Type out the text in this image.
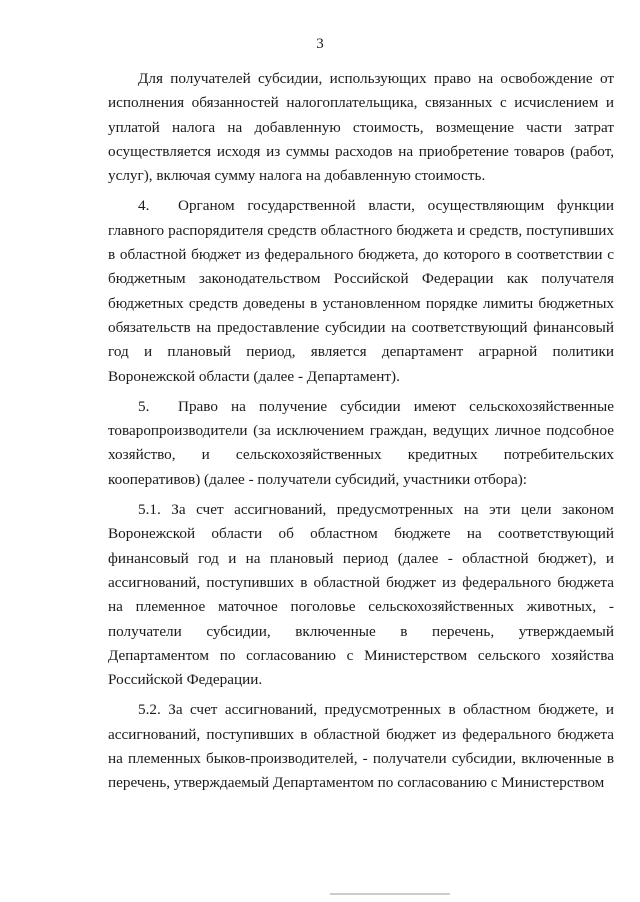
3

Для получателей субсидии, использующих право на освобождение от исполнения обязанностей налогоплательщика, связанных с исчислением и уплатой налога на добавленную стоимость, возмещение части затрат осуществляется исходя из суммы расходов на приобретение товаров (работ, услуг), включая сумму налога на добавленную стоимость.

4. Органом государственной власти, осуществляющим функции главного распорядителя средств областного бюджета и средств, поступивших в областной бюджет из федерального бюджета, до которого в соответствии с бюджетным законодательством Российской Федерации как получателя бюджетных средств доведены в установленном порядке лимиты бюджетных обязательств на предоставление субсидии на соответствующий финансовый год и плановый период, является департамент аграрной политики Воронежской области (далее - Департамент).

5. Право на получение субсидии имеют сельскохозяйственные товаропроизводители (за исключением граждан, ведущих личное подсобное хозяйство, и сельскохозяйственных кредитных потребительских кооперативов) (далее - получатели субсидий, участники отбора):

5.1. За счет ассигнований, предусмотренных на эти цели законом Воронежской области об областном бюджете на соответствующий финансовый год и на плановый период (далее - областной бюджет), и ассигнований, поступивших в областной бюджет из федерального бюджета на племенное маточное поголовье сельскохозяйственных животных, - получатели субсидии, включенные в перечень, утверждаемый Департаментом по согласованию с Министерством сельского хозяйства Российской Федерации.

5.2. За счет ассигнований, предусмотренных в областном бюджете, и ассигнований, поступивших в областной бюджет из федерального бюджета на племенных быков-производителей, - получатели субсидии, включенные в перечень, утверждаемый Департаментом по согласованию с Министерством
